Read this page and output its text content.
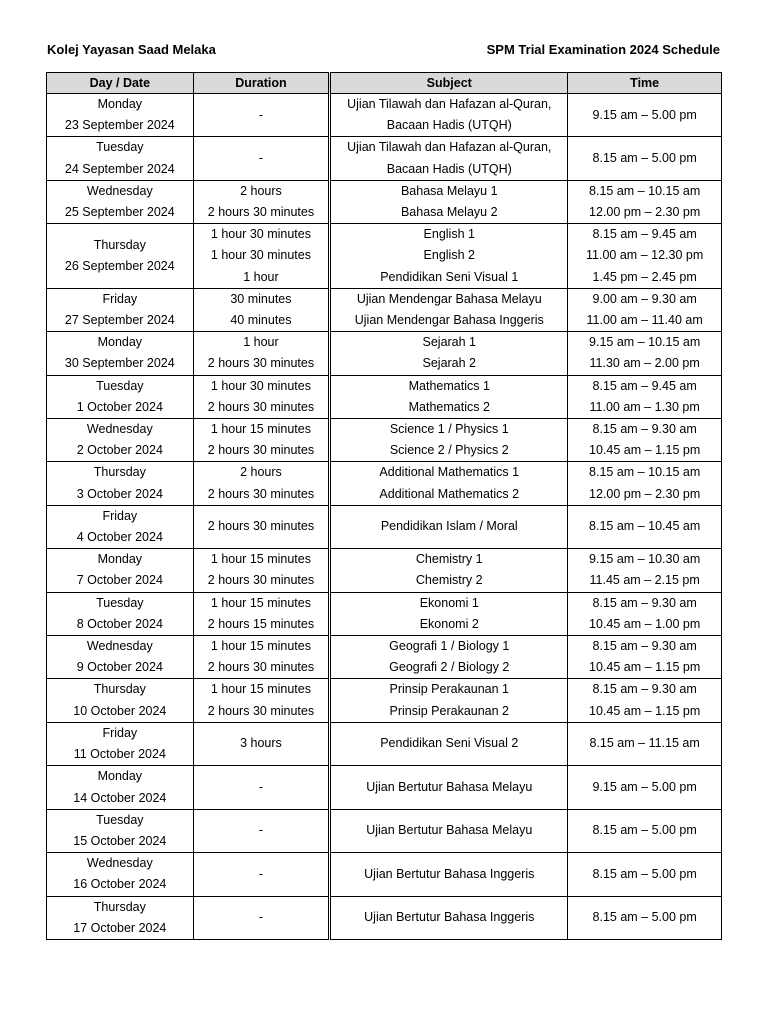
Kolej Yayasan Saad Melaka	SPM Trial Examination 2024 Schedule
Day / Date	Duration	Subject	Time

Monday
23 September 2024	-	Ujian Tilawah dan Hafazan al-Quran,
Bacaan Hadis (UTQH)	9.15 am – 5.00 pm

Tuesday
24 September 2024	-	Ujian Tilawah dan Hafazan al-Quran,
Bacaan Hadis (UTQH)	8.15 am – 5.00 pm

Wednesday
25 September 2024	2 hours
2 hours 30 minutes	Bahasa Melayu 1
Bahasa Melayu 2	8.15 am – 10.15 am
12.00 pm – 2.30 pm

Thursday
26 September 2024	1 hour 30 minutes
1 hour 30 minutes
1 hour	English 1
English 2
Pendidikan Seni Visual 1	8.15 am – 9.45 am
11.00 am – 12.30 pm
1.45 pm – 2.45 pm

Friday
27 September 2024	30 minutes
40 minutes	Ujian Mendengar Bahasa Melayu
Ujian Mendengar Bahasa Inggeris	9.00 am – 9.30 am
11.00 am – 11.40 am

Monday
30 September 2024	1 hour
2 hours 30 minutes	Sejarah 1
Sejarah 2	9.15 am – 10.15 am
11.30 am – 2.00 pm

Tuesday
1 October 2024	1 hour 30 minutes
2 hours 30 minutes	Mathematics 1
Mathematics 2	8.15 am – 9.45 am
11.00 am – 1.30 pm

Wednesday
2 October 2024	1 hour 15 minutes
2 hours 30 minutes	Science 1 / Physics 1
Science 2 / Physics 2	8.15 am – 9.30 am
10.45 am – 1.15 pm

Thursday
3 October 2024	2 hours
2 hours 30 minutes	Additional Mathematics 1
Additional Mathematics 2	8.15 am – 10.15 am
12.00 pm – 2.30 pm

Friday
4 October 2024	2 hours 30 minutes	Pendidikan Islam / Moral	8.15 am – 10.45 am

Monday
7 October 2024	1 hour 15 minutes
2 hours 30 minutes	Chemistry 1
Chemistry 2	9.15 am – 10.30 am
11.45 am – 2.15 pm

Tuesday
8 October 2024	1 hour 15 minutes
2 hours 15 minutes	Ekonomi 1
Ekonomi 2	8.15 am – 9.30 am
10.45 am – 1.00 pm

Wednesday
9 October 2024	1 hour 15 minutes
2 hours 30 minutes	Geografi 1 / Biology 1
Geografi 2 / Biology 2	8.15 am – 9.30 am
10.45 am – 1.15 pm

Thursday
10 October 2024	1 hour 15 minutes
2 hours 30 minutes	Prinsip Perakaunan 1
Prinsip Perakaunan 2	8.15 am – 9.30 am
10.45 am – 1.15 pm

Friday
11 October 2024	3 hours	Pendidikan Seni Visual 2	8.15 am – 11.15 am

Monday
14 October 2024	-	Ujian Bertutur Bahasa Melayu	9.15 am – 5.00 pm

Tuesday
15 October 2024	-	Ujian Bertutur Bahasa Melayu	8.15 am – 5.00 pm

Wednesday
16 October 2024	-	Ujian Bertutur Bahasa Inggeris	8.15 am – 5.00 pm

Thursday
17 October 2024	-	Ujian Bertutur Bahasa Inggeris	8.15 am – 5.00 pm
